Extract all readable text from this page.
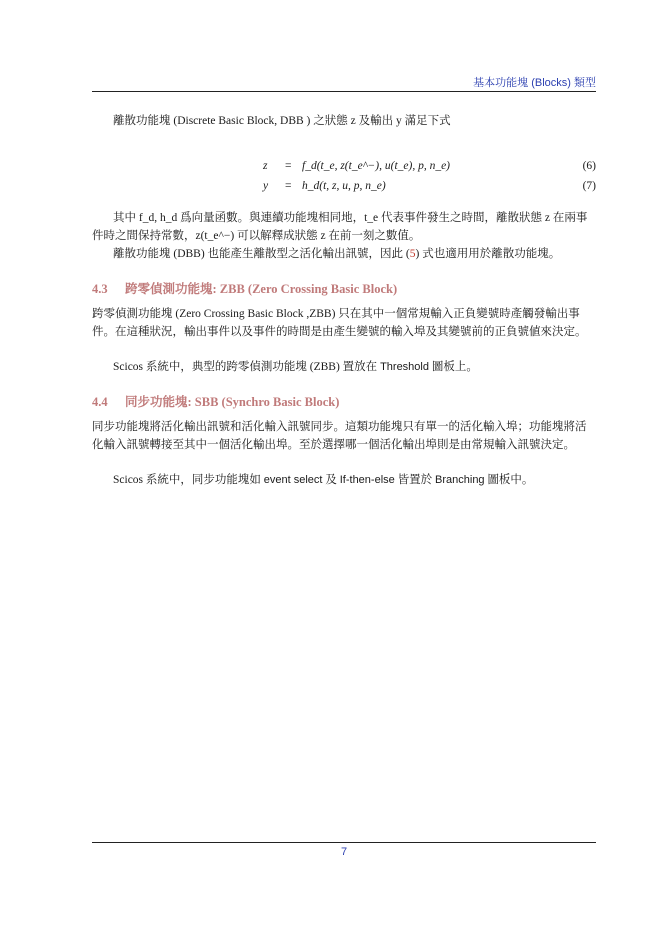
基本功能塊 (Blocks) 類型
離散功能塊 (Discrete Basic Block, DBB ) 之狀態 z 及輸出 y 滿足下式
z = f_d(t_e, z(t_e^−), u(t_e), p, n_e)	(6)
y = h_d(t, z, u, p, n_e)	(7)
其中 f_d, h_d 爲向量函數。與連續功能塊相同地，t_e 代表事件發生之時間，離散狀態 z 在兩事件時之間保持常數，z(t_e^−) 可以解釋成狀態 z 在前一刻之數值。
離散功能塊 (DBB) 也能產生離散型之活化輸出訊號，因此 (5) 式也適用用於離散功能塊。
4.3 跨零偵測功能塊: ZBB (Zero Crossing Basic Block)
跨零偵測功能塊 (Zero Crossing Basic Block ,ZBB) 只在其中一個常規輸入正負變號時產觸發輸出事件。在這種狀況，輸出事件以及事件的時間是由產生變號的輸入埠及其變號前的正負號値來決定。
Scicos 系統中，典型的跨零偵測功能塊 (ZBB) 置放在 Threshold 圖板上。
4.4 同步功能塊: SBB (Synchro Basic Block)
同步功能塊將活化輸出訊號和活化輸入訊號同步。這類功能塊只有單一的活化輸入埠；功能塊將活化輸入訊號轉接至其中一個活化輸出埠。至於選擇哪一個活化輸出埠則是由常規輸入訊號決定。
Scicos 系統中，同步功能塊如 event select 及 If-then-else 皆置於 Branching 圖板中。
7
